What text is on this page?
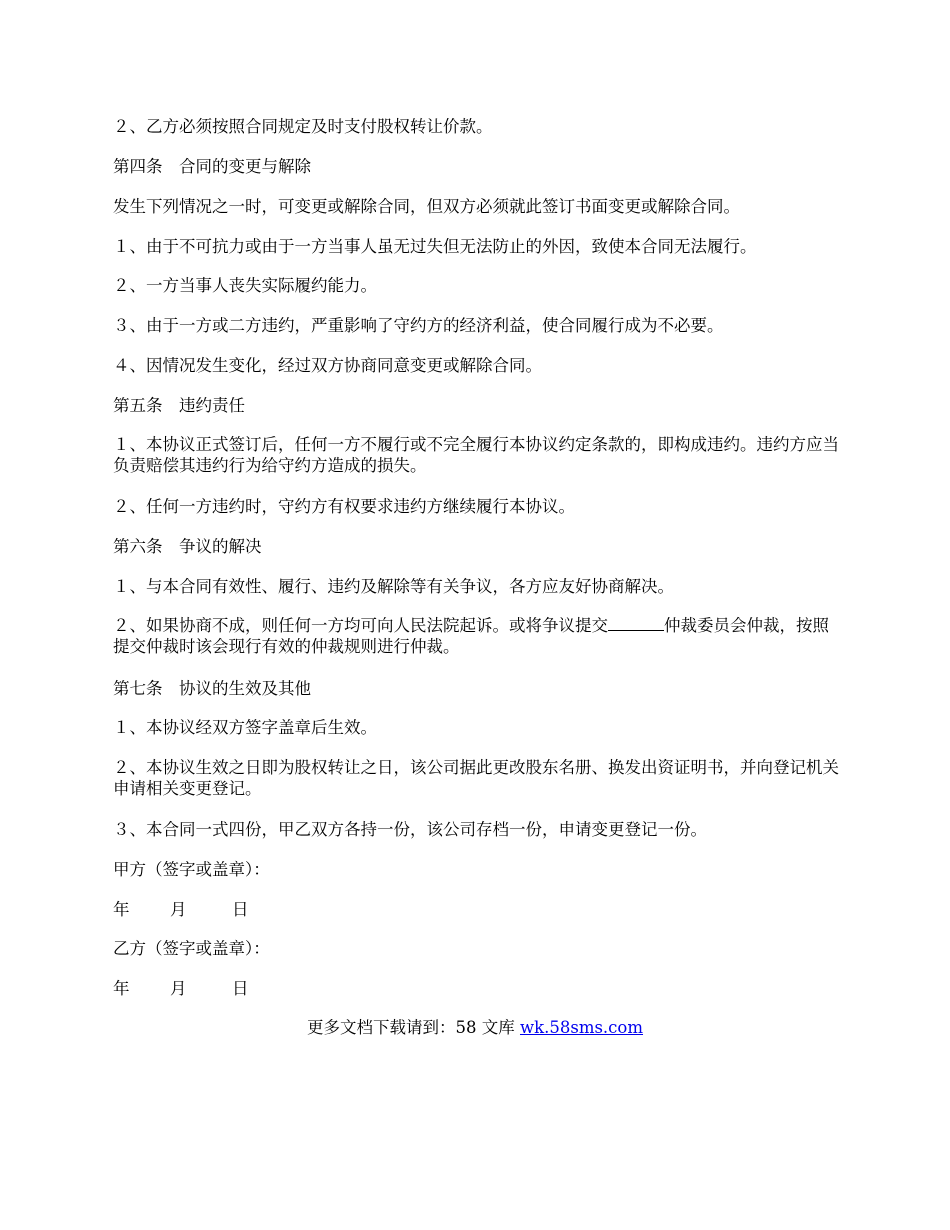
２、乙方必须按照合同规定及时支付股权转让价款。

第四条　合同的变更与解除

发生下列情况之一时，可变更或解除合同，但双方必须就此签订书面变更或解除合同。

１、由于不可抗力或由于一方当事人虽无过失但无法防止的外因，致使本合同无法履行。

２、一方当事人丧失实际履约能力。

３、由于一方或二方违约，严重影响了守约方的经济利益，使合同履行成为不必要。

４、因情况发生变化，经过双方协商同意变更或解除合同。

第五条　违约责任

１、本协议正式签订后，任何一方不履行或不完全履行本协议约定条款的，即构成违约。违约方应当负责赔偿其违约行为给守约方造成的损失。

２、任何一方违约时，守约方有权要求违约方继续履行本协议。

第六条　争议的解决

１、与本合同有效性、履行、违约及解除等有关争议，各方应友好协商解决。

２、如果协商不成，则任何一方均可向人民法院起诉。或将争议提交	仲裁委员会仲裁，按照提交仲裁时该会现行有效的仲裁规则进行仲裁。

第七条　协议的生效及其他

１、本协议经双方签字盖章后生效。

２、本协议生效之日即为股权转让之日，该公司据此更改股东名册、换发出资证明书，并向登记机关申请相关变更登记。

３、本合同一式四份，甲乙双方各持一份，该公司存档一份，申请变更登记一份。

甲方（签字或盖章）：

年 月	日

乙方（签字或盖章）：

年 月	日
更多文档下载请到：58 文库 wk.58sms.com
